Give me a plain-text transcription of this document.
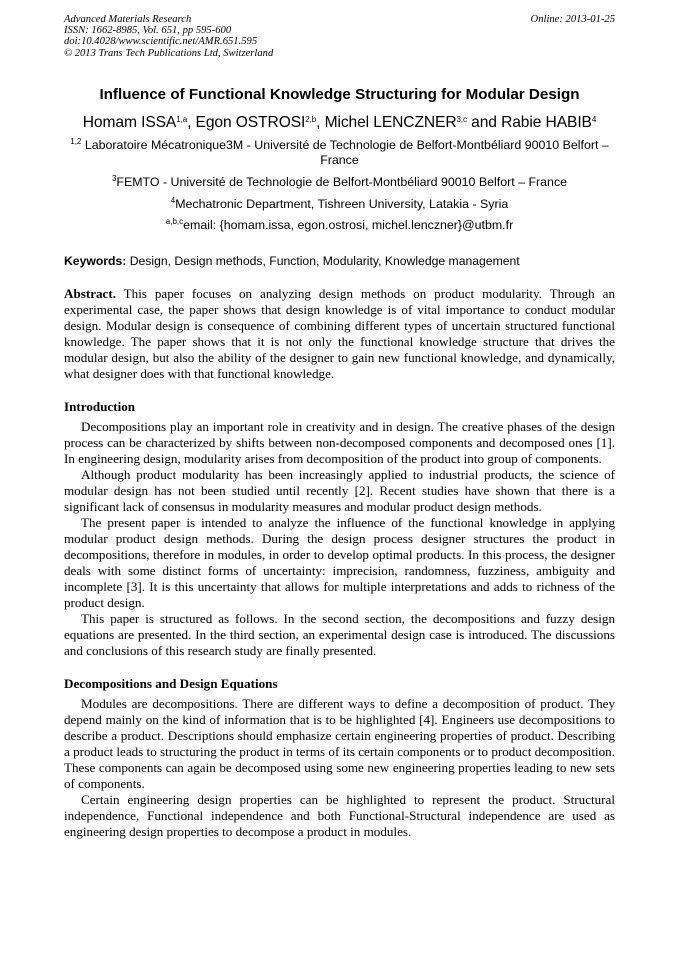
Advanced Materials Research
ISSN: 1662-8985, Vol. 651, pp 595-600
doi:10.4028/www.scientific.net/AMR.651.595
© 2013 Trans Tech Publications Ltd, Switzerland
Online: 2013-01-25
Influence of Functional Knowledge Structuring for Modular Design
Homam ISSA$^{1,a}$, Egon OSTROSI$^{2,b}$, Michel LENCZNER$^{3,c}$ and Rabie HABIB$^4$
$^{1,2}$ Laboratoire Mécatronique3M - Université de Technologie de Belfort-Montbéliard 90010 Belfort – France
$^3$FEMTO - Université de Technologie de Belfort-Montbéliard 90010 Belfort – France
$^4$Mechatronic Department, Tishreen University, Latakia - Syria
$^{a,b,c}$email: {homam.issa, egon.ostrosi, michel.lenczner}@utbm.fr
Keywords: Design, Design methods, Function, Modularity, Knowledge management
Abstract. This paper focuses on analyzing design methods on product modularity. Through an experimental case, the paper shows that design knowledge is of vital importance to conduct modular design. Modular design is consequence of combining different types of uncertain structured functional knowledge. The paper shows that it is not only the functional knowledge structure that drives the modular design, but also the ability of the designer to gain new functional knowledge, and dynamically, what designer does with that functional knowledge.
Introduction

Decompositions play an important role in creativity and in design. The creative phases of the design process can be characterized by shifts between non-decomposed components and decomposed ones [1]. In engineering design, modularity arises from decomposition of the product into group of components.

Although product modularity has been increasingly applied to industrial products, the science of modular design has not been studied until recently [2]. Recent studies have shown that there is a significant lack of consensus in modularity measures and modular product design methods.

The present paper is intended to analyze the influence of the functional knowledge in applying modular product design methods. During the design process designer structures the product in decompositions, therefore in modules, in order to develop optimal products. In this process, the designer deals with some distinct forms of uncertainty: imprecision, randomness, fuzziness, ambiguity and incomplete [3]. It is this uncertainty that allows for multiple interpretations and adds to richness of the product design.

This paper is structured as follows. In the second section, the decompositions and fuzzy design equations are presented. In the third section, an experimental design case is introduced. The discussions and conclusions of this research study are finally presented.

Decompositions and Design Equations

Modules are decompositions. There are different ways to define a decomposition of product. They depend mainly on the kind of information that is to be highlighted [4]. Engineers use decompositions to describe a product. Descriptions should emphasize certain engineering properties of product. Describing a product leads to structuring the product in terms of its certain components or to product decomposition. These components can again be decomposed using some new engineering properties leading to new sets of components.

Certain engineering design properties can be highlighted to represent the product. Structural independence, Functional independence and both Functional-Structural independence are used as engineering design properties to decompose a product in modules.
